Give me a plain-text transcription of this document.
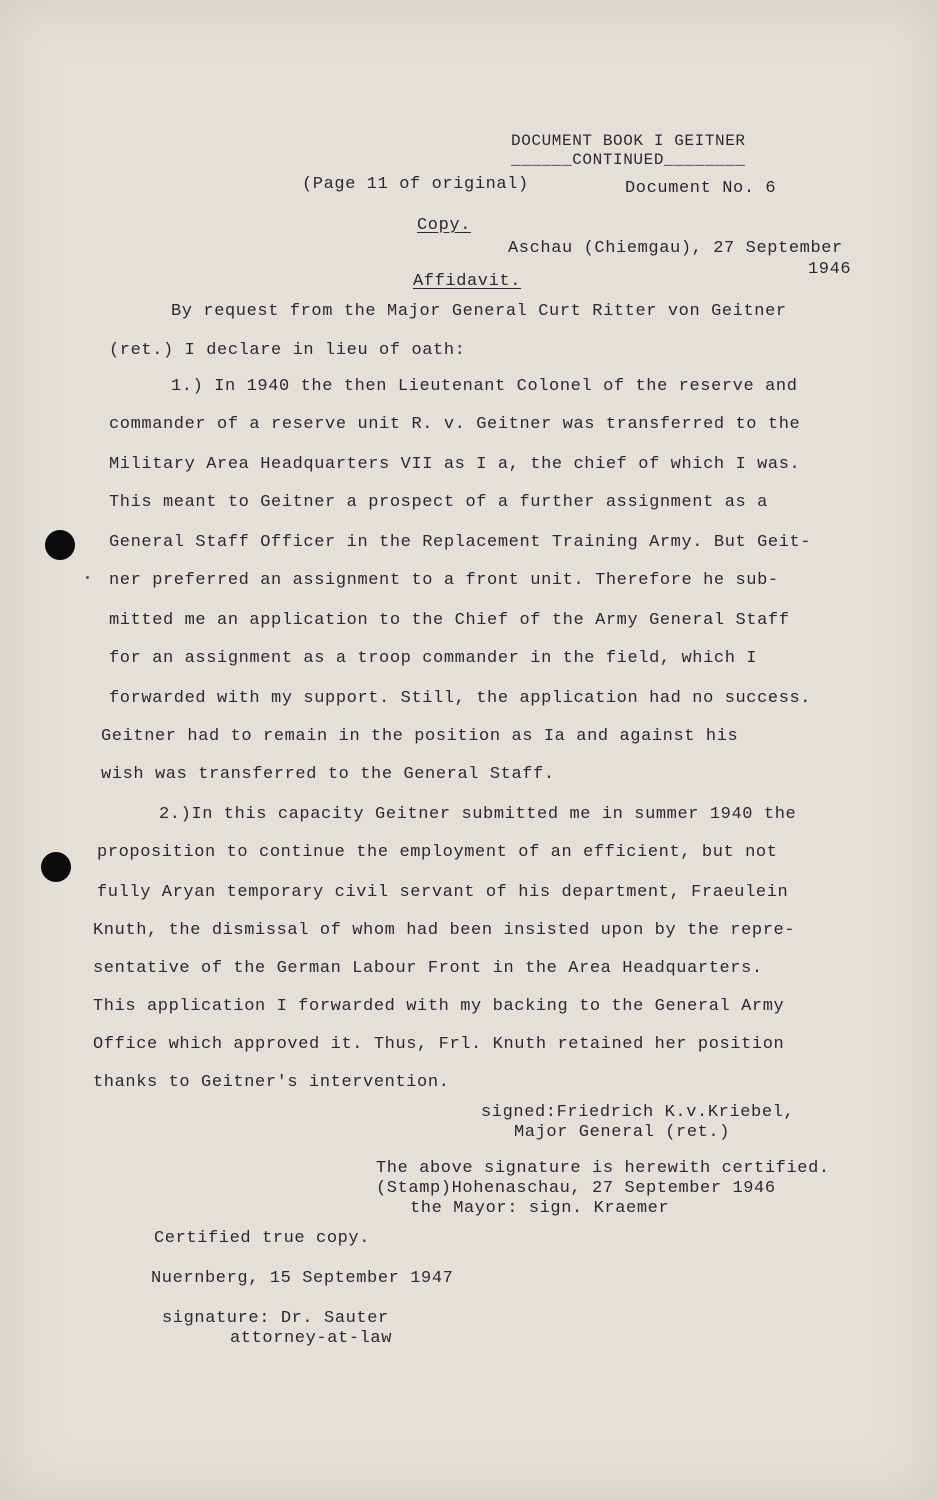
DOCUMENT BOOK I GEITNER
______CONTINUED________
(Page 11 of original)	Document No. 6
Copy.
Aschau (Chiemgau), 27 September
1946
Affidavit.
By request from the Major General Curt Ritter von Geitner
(ret.) I declare in lieu of oath:
1.) In 1940 the then Lieutenant Colonel of the reserve and
commander of a reserve unit R. v. Geitner was transferred to the
Military Area Headquarters VII as I a, the chief of which I was.
This meant to Geitner a prospect of a further assignment as a
General Staff Officer in the Replacement Training Army. But Geit-
ner preferred an assignment to a front unit. Therefore he sub-
mitted me an application to the Chief of the Army General Staff
for an assignment as a troop commander in the field, which I
forwarded with my support. Still, the application had no success.
Geitner had to remain in the position as Ia and against his
wish was transferred to the General Staff.
2.)In this capacity Geitner submitted me in summer 1940 the
proposition to continue the employment of an efficient, but not
fully Aryan temporary civil servant of his department, Fraeulein
Knuth, the dismissal of whom had been insisted upon by the repre-
sentative of the German Labour Front in the Area Headquarters.
This application I forwarded with my backing to the General Army
Office which approved it. Thus, Frl. Knuth retained her position
thanks to Geitner's intervention.
signed:Friedrich K.v.Kriebel,
Major General (ret.)
The above signature is herewith certified.
(Stamp)Hohenaschau, 27 September 1946
the Mayor: sign. Kraemer
Certified true copy.
Nuernberg, 15 September 1947
signature: Dr. Sauter
attorney-at-law
